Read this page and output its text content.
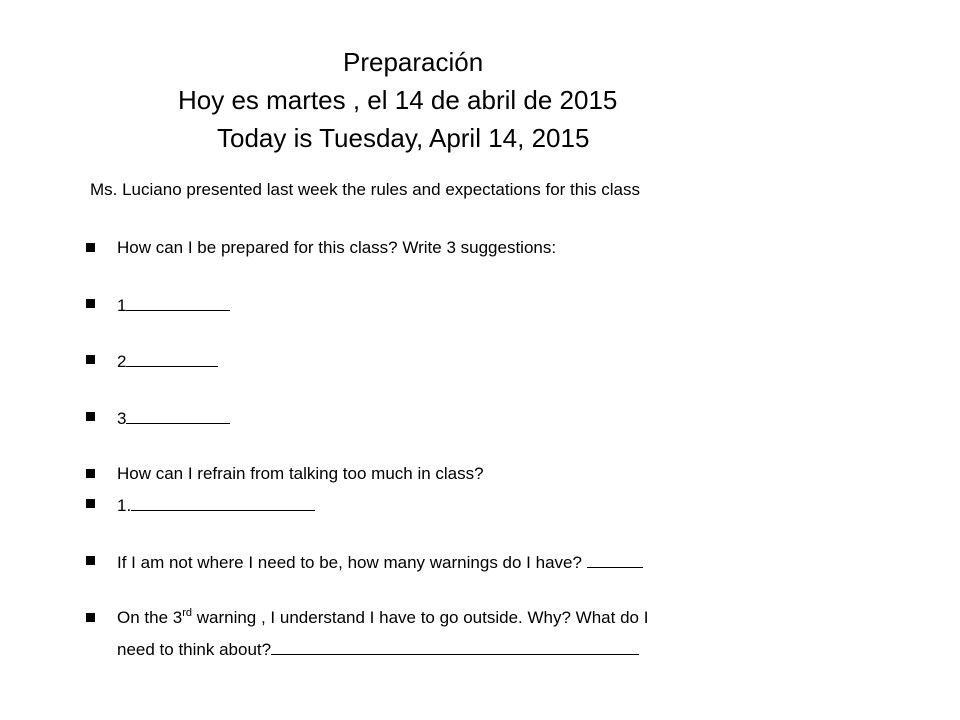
Preparación
Hoy es martes , el 14 de abril de 2015
Today is Tuesday, April 14, 2015
Ms. Luciano presented last week the rules and expectations for this class
How can I be prepared for this class? Write 3 suggestions:
1
2
3
How can I refrain from talking too much in class?
1.
If I am not where I need to be, how many warnings do I have?
On the 3rd warning , I understand I have to go outside. Why? What do I
need to think about?
